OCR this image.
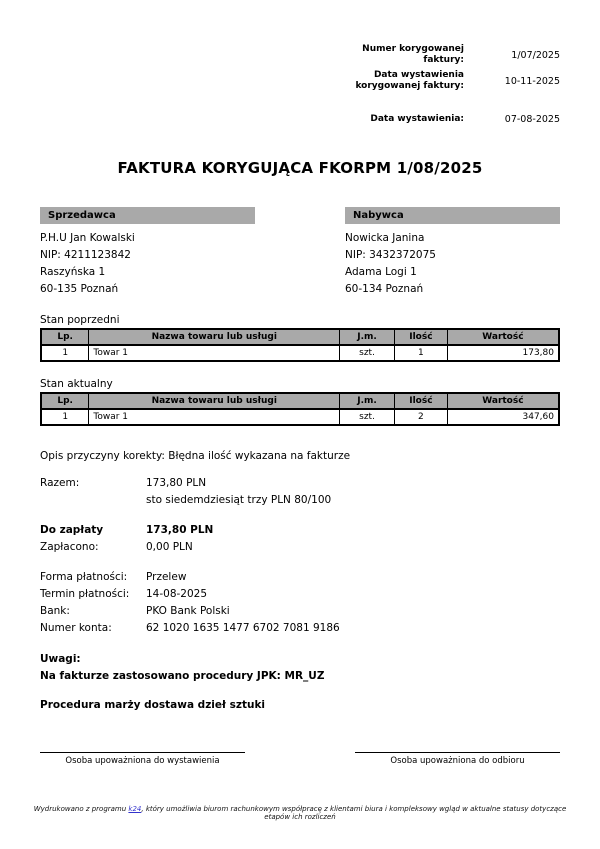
Numer korygowanej faktury:	1/07/2025
Data wystawienia korygowanej faktury:	10-11-2025
Data wystawienia:	07-08-2025
FAKTURA KORYGUJĄCA FKORPM 1/08/2025
Sprzedawca
P.H.U Jan Kowalski
NIP: 4211123842
Raszyńska 1
60-135 Poznań
Nabywca
Nowicka Janina
NIP: 3432372075
Adama Logi 1
60-134 Poznań
Stan poprzedni
Lp.	Nazwa towaru lub usługi	J.m.	Ilość	Wartość
1	Towar 1	szt.	1	173,80
Stan aktualny
Lp.	Nazwa towaru lub usługi	J.m.	Ilość	Wartość
1	Towar 1	szt.	2	347,60
Opis przyczyny korekty: Błędna ilość wykazana na fakturze
Razem:	173,80 PLN
sto siedemdziesiąt trzy PLN 80/100
Do zapłaty	173,80 PLN
Zapłacono:	0,00 PLN
Forma płatności:	Przelew
Termin płatności:	14-08-2025
Bank:	PKO Bank Polski
Numer konta:	62 1020 1635 1477 6702 7081 9186
Uwagi:
Na fakturze zastosowano procedury JPK: MR_UZ
Procedura marży dostawa dzieł sztuki
Osoba upoważniona do wystawienia	Osoba upoważniona do odbioru
Wydrukowano z programu k24, który umożliwia biurom rachunkowym współpracę z klientami biura i kompleksowy wgląd w aktualne statusy dotyczące etapów ich rozliczeń
